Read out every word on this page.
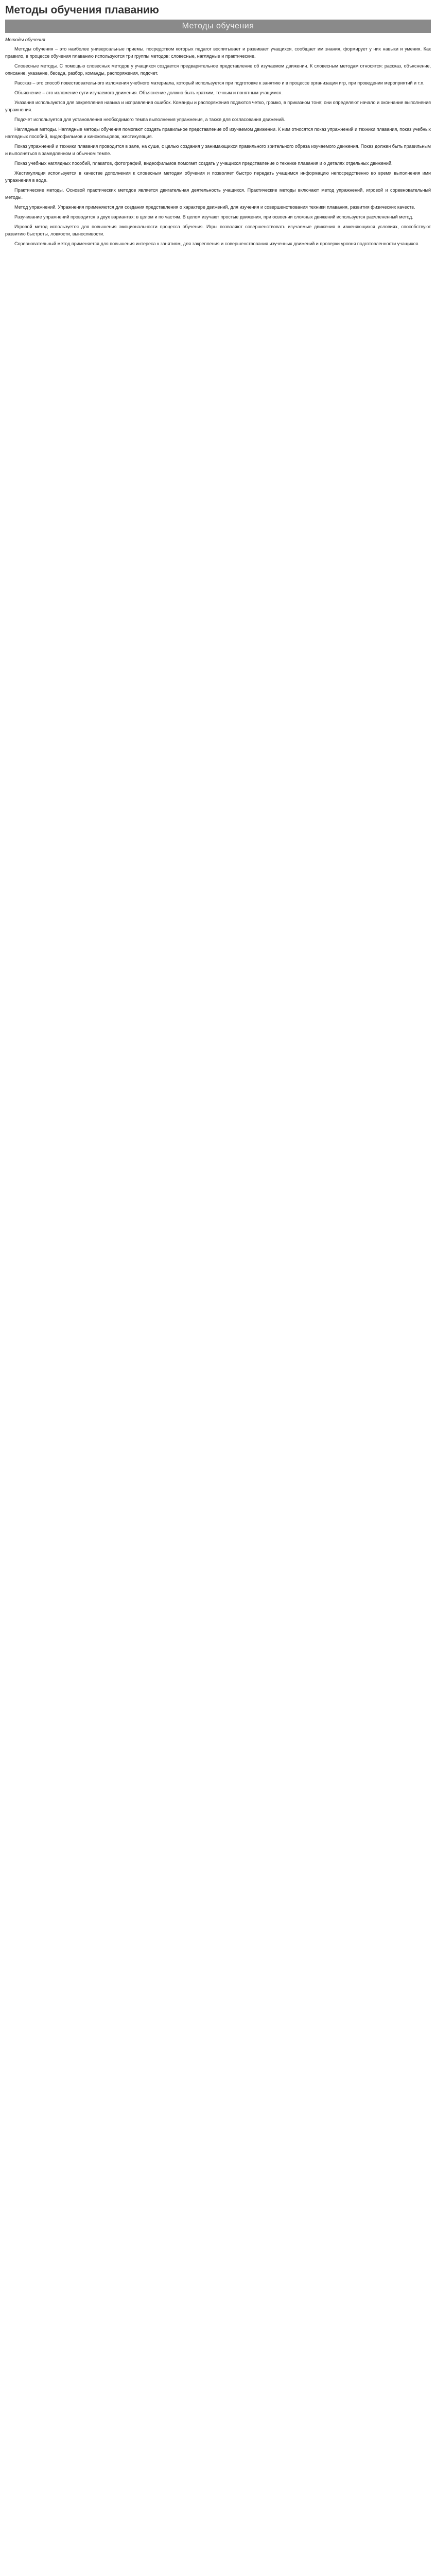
Методы обучения плаванию
Методы обучения
Методы обучения

Методы обучения – это наиболее универсальные приемы, посредством которых педагог воспитывает и развивает учащихся, сообщает им знания, формирует у них навыки и умения. Как правило, в процессе обучения плаванию используются три группы методов: словесные, наглядные и практические.

Словесные методы. С помощью словесных методов у учащихся создается предварительное представление об изучаемом движении. К словесным методам относятся: рассказ, объяснение, описание, указание, беседа, разбор, команды, распоряжения, подсчет.

Рассказ – это способ повествовательного изложения учебного материала, который используется при подготовке к занятию и в процессе организации игр, при проведении мероприятий и т.п.

Объяснение – это изложение сути изучаемого движения. Объяснение должно быть кратким, точным и понятным учащимся.

Указания используются для закрепления навыка и исправления ошибок. Команды и распоряжения подаются четко, громко, в приказном тоне; они определяют начало и окончание выполнения упражнения.

Подсчет используется для установления необходимого темпа выполнения упражнения, а также для согласования движений.

Наглядные методы. Наглядные методы обучения помогают создать правильное представление об изучаемом движении. К ним относятся показ упражнений и техники плавания, показ учебных наглядных пособий, видеофильмов и кинокольцовок, жестикуляция.

Показ упражнений и техники плавания проводится в зале, на суше, с целью создания у занимающихся правильного зрительного образа изучаемого движения. Показ должен быть правильным и выполняться в замедленном и обычном темпе.

Показ учебных наглядных пособий, плакатов, фотографий, видеофильмов помогает создать у учащихся представление о технике плавания и о деталях отдельных движений.

Жестикуляция используется в качестве дополнения к словесным методам обучения и позволяет быстро передать учащимся информацию непосредственно во время выполнения ими упражнения в воде.

Практические методы. Основой практических методов является двигательная деятельность учащихся. Практические методы включают метод упражнений, игровой и соревновательный методы.

Метод упражнений. Упражнения применяются для создания представления о характере движений, для изучения и совершенствования техники плавания, развития физических качеств.

Разучивание упражнений проводится в двух вариантах: в целом и по частям. В целом изучают простые движения, при освоении сложных движений используется расчлененный метод.

Игровой метод используется для повышения эмоциональности процесса обучения. Игры позволяют совершенствовать изучаемые движения в изменяющихся условиях, способствуют развитию быстроты, ловкости, выносливости.

Соревновательный метод применяется для повышения интереса к занятиям, для закрепления и совершенствования изученных движений и проверки уровня подготовленности учащихся.
